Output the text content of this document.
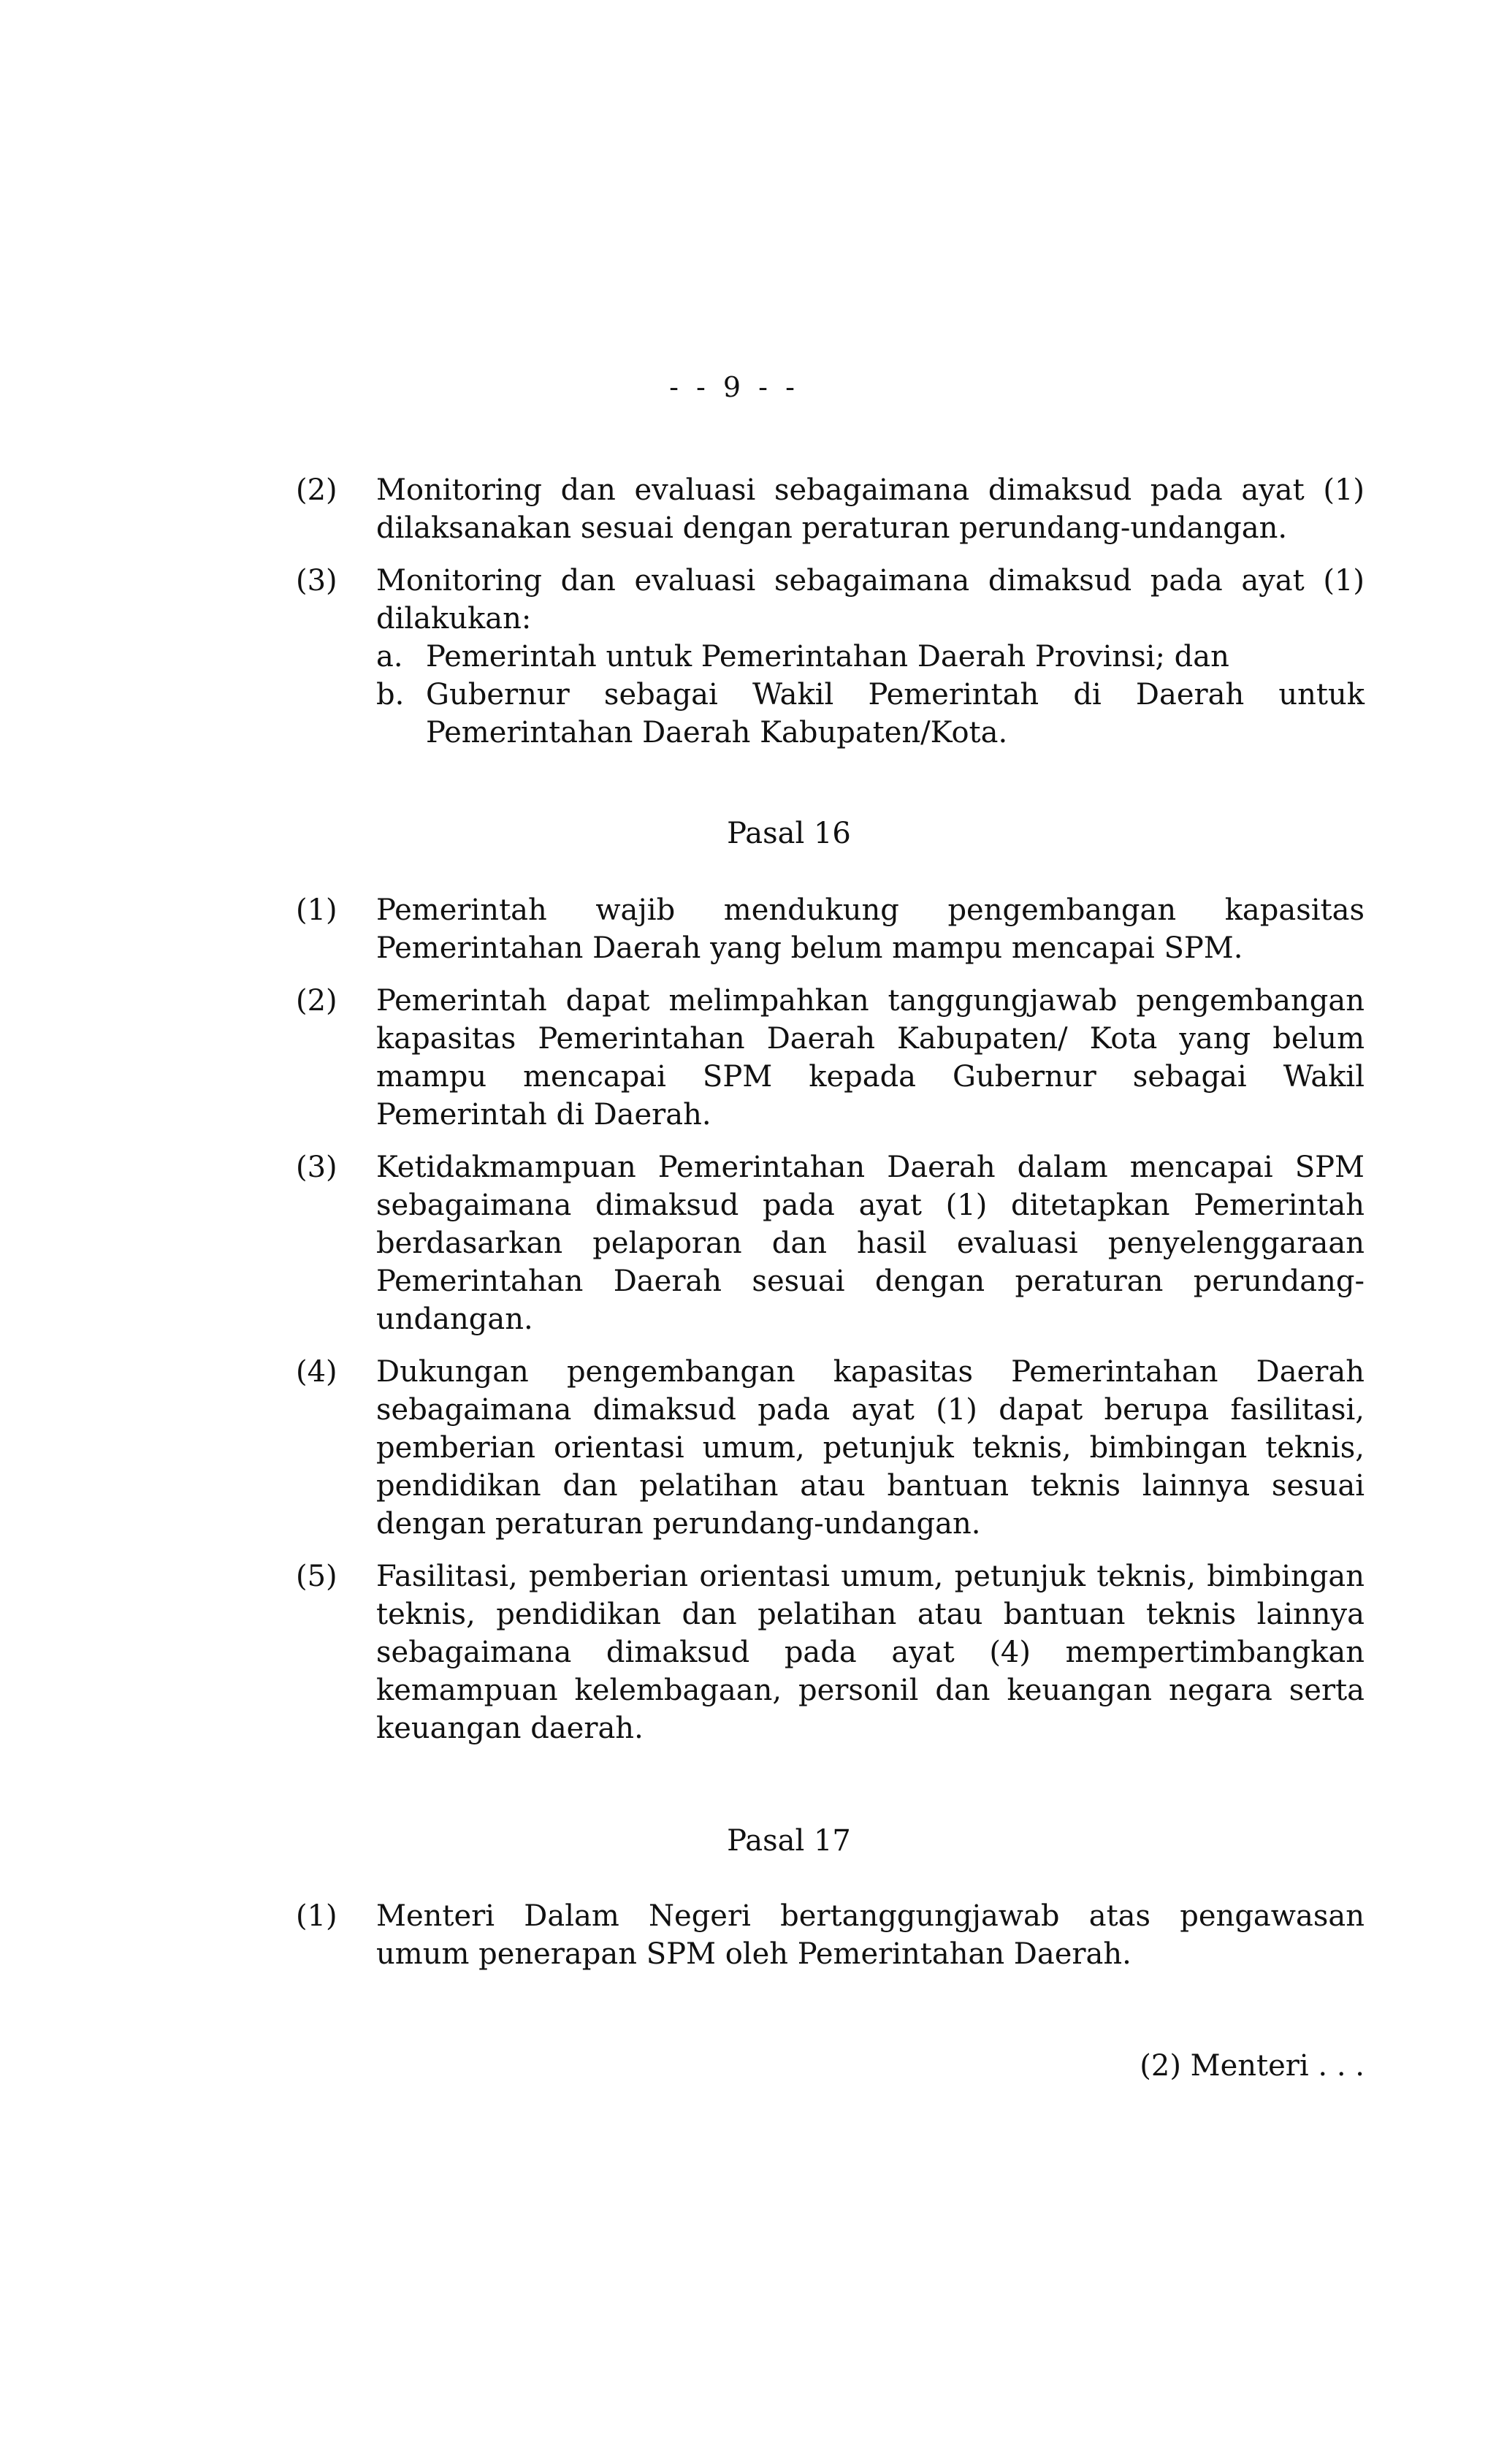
- - 9 - -
(2) Monitoring dan evaluasi sebagaimana dimaksud pada ayat (1) dilaksanakan sesuai dengan peraturan perundang-undangan.
(3) Monitoring dan evaluasi sebagaimana dimaksud pada ayat (1) dilakukan:
a. Pemerintah untuk Pemerintahan Daerah Provinsi; dan
b. Gubernur sebagai Wakil Pemerintah di Daerah untuk Pemerintahan Daerah Kabupaten/Kota.
Pasal 16
(1) Pemerintah wajib mendukung pengembangan kapasitas Pemerintahan Daerah yang belum mampu mencapai SPM.
(2) Pemerintah dapat melimpahkan tanggungjawab pengembangan kapasitas Pemerintahan Daerah Kabupaten/ Kota yang belum mampu mencapai SPM kepada Gubernur sebagai Wakil Pemerintah di Daerah.
(3) Ketidakmampuan Pemerintahan Daerah dalam mencapai SPM sebagaimana dimaksud pada ayat (1) ditetapkan Pemerintah berdasarkan pelaporan dan hasil evaluasi penyelenggaraan Pemerintahan Daerah sesuai dengan peraturan perundang-undangan.
(4) Dukungan pengembangan kapasitas Pemerintahan Daerah sebagaimana dimaksud pada ayat (1) dapat berupa fasilitasi, pemberian orientasi umum, petunjuk teknis, bimbingan teknis, pendidikan dan pelatihan atau bantuan teknis lainnya sesuai dengan peraturan perundang-undangan.
(5) Fasilitasi, pemberian orientasi umum, petunjuk teknis, bimbingan teknis, pendidikan dan pelatihan atau bantuan teknis lainnya sebagaimana dimaksud pada ayat (4) mempertimbangkan kemampuan kelembagaan, personil dan keuangan negara serta keuangan daerah.
Pasal 17
(1) Menteri Dalam Negeri bertanggungjawab atas pengawasan umum penerapan SPM oleh Pemerintahan Daerah.
(2) Menteri . . .
